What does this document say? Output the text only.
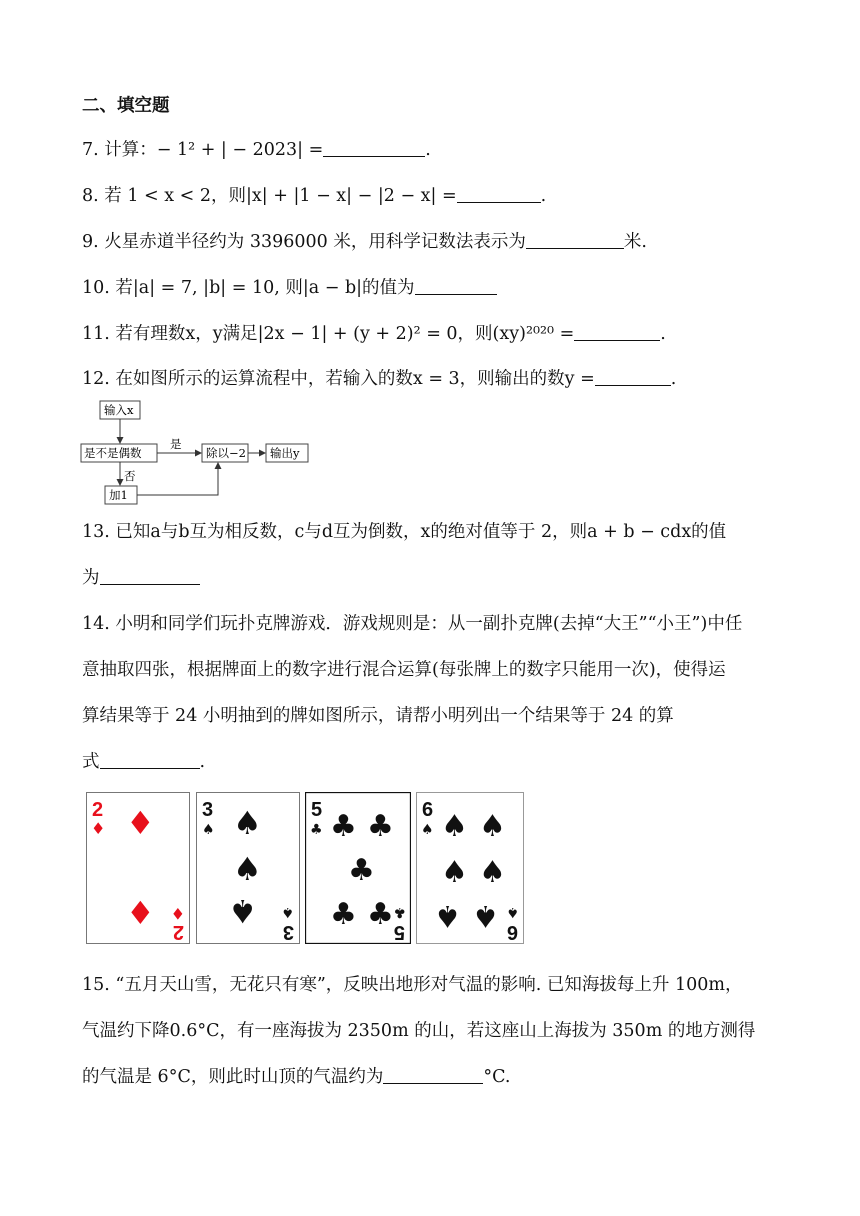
二、填空题
7. 计算：− 1² + | − 2023| =	.
8. 若 1 < x < 2，则|x| + |1 − x| − |2 − x| =	.
9. 火星赤道半径约为 3396000 米，用科学记数法表示为	米.
10. 若|a| = 7, |b| = 10, 则|a − b|的值为
11. 若有理数x，y满足|2x − 1| + (y + 2)² = 0，则(xy)²⁰²⁰ =	.
12. 在如图所示的运算流程中，若输入的数x = 3，则输出的数y =	.
输入x
是不是偶数
是
除以−2 输出y
否
加1
13. 已知a与b互为相反数，c与d互为倒数，x的绝对值等于 2，则a + b − cdx的值
为
14. 小明和同学们玩扑克牌游戏．游戏规则是：从一副扑克牌(去掉“大王”“小王”)中任
意抽取四张，根据牌面上的数字进行混合运算(每张牌上的数字只能用一次)，使得运
算结果等于 24 小明抽到的牌如图所示，请帮小明列出一个结果等于 24 的算
式	.
2
♦ ♦
♦ 2
♦
3
♠ ♠
♠
♠
3
♠
5
♣ ♣ ♣
♣
♣ ♣ 5
♣
6
♠ ♠ ♠
♠ ♠
♠ ♠ 6
♠
15. “五月天山雪，无花只有寒”，反映出地形对气温的影响. 已知海拔每上升 100m，
气温约下降0.6°C，有一座海拔为 2350m 的山，若这座山上海拔为 350m 的地方测得
的气温是 6°C，则此时山顶的气温约为	°C.
